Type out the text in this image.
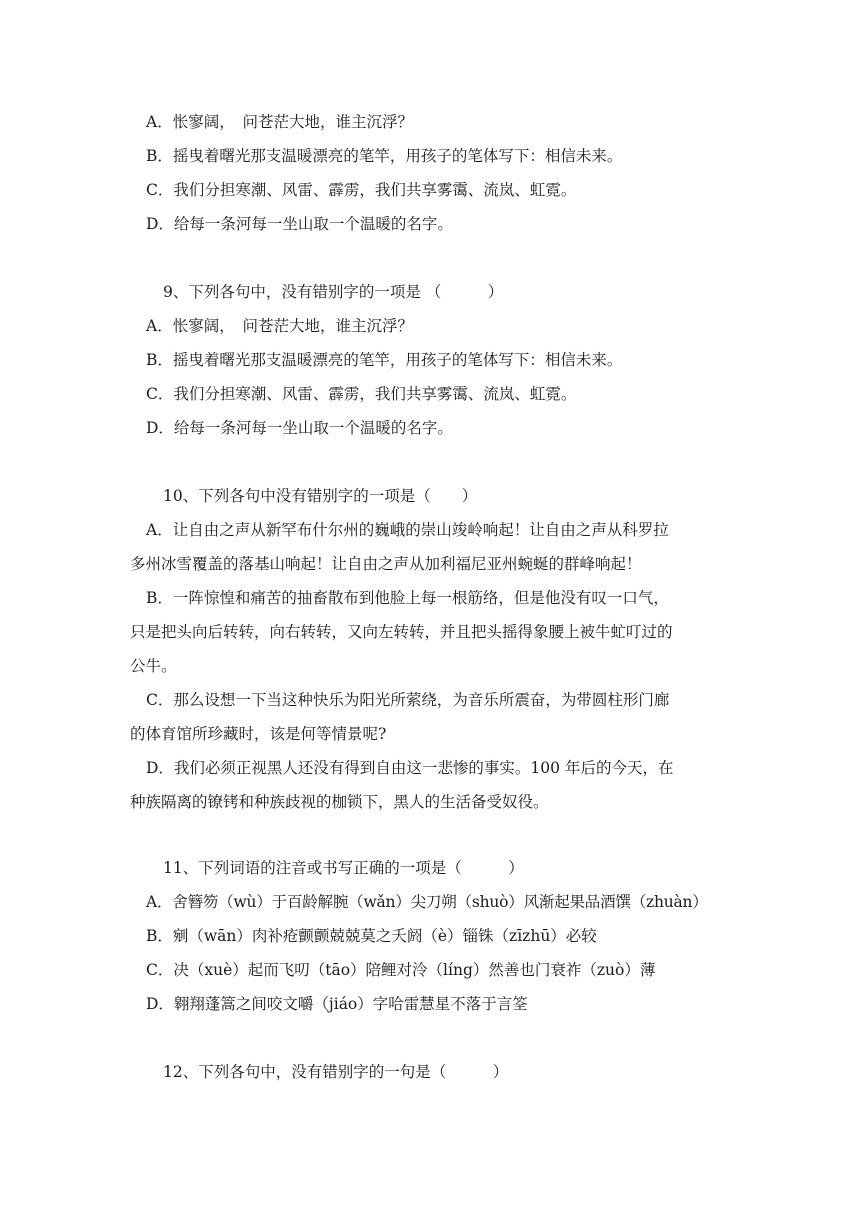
A．怅寥阔，　问苍茫大地，谁主沉浮？
B．摇曳着曙光那支温暖漂亮的笔竿，用孩子的笔体写下：相信未来。
C．我们分担寒潮、风雷、霹雳，我们共享雾霭、流岚、虹霓。
D．给每一条河每一坐山取一个温暖的名字。
9、下列各句中，没有错别字的一项是 （　　　）
A．怅寥阔，　问苍茫大地，谁主沉浮？
B．摇曳着曙光那支温暖漂亮的笔竿，用孩子的笔体写下：相信未来。
C．我们分担寒潮、风雷、霹雳，我们共享雾霭、流岚、虹霓。
D．给每一条河每一坐山取一个温暖的名字。
10、下列各句中没有错别字的一项是（　　）
A．让自由之声从新罕布什尔州的巍峨的崇山竣岭响起！让自由之声从科罗拉
多州冰雪覆盖的落基山响起！让自由之声从加利福尼亚州蜿蜒的群峰响起！
B．一阵惊惶和痛苦的抽畜散布到他脸上每一根筋络，但是他没有叹一口气，
只是把头向后转转，向右转转，又向左转转，并且把头摇得象腰上被牛虻叮过的
公牛。
C．那么设想一下当这种快乐为阳光所萦绕，为音乐所震奋，为带圆柱形门廊
的体育馆所珍藏时，该是何等情景呢?
D．我们必须正视黑人还没有得到自由这一悲惨的事实。100 年后的今天，在
种族隔离的镣铐和种族歧视的枷锁下，黑人的生活备受奴役。
11、下列词语的注音或书写正确的一项是（　　　）
A．舍簪笏（wù）于百龄解腕（wǎn）尖刀朔（shuò）风渐起果品酒馔（zhuàn）
B．剜（wān）肉补疮颤颤兢兢莫之夭阏（è）锱铢（zīzhū）必较
C．决（xuè）起而飞叨（tāo）陪鲤对泠（líng）然善也门衰祚（zuò）薄
D．翱翔蓬篙之间咬文嚼（jiáo）字哈雷慧星不落于言筌
12、下列各句中，没有错别字的一句是（　　　）
